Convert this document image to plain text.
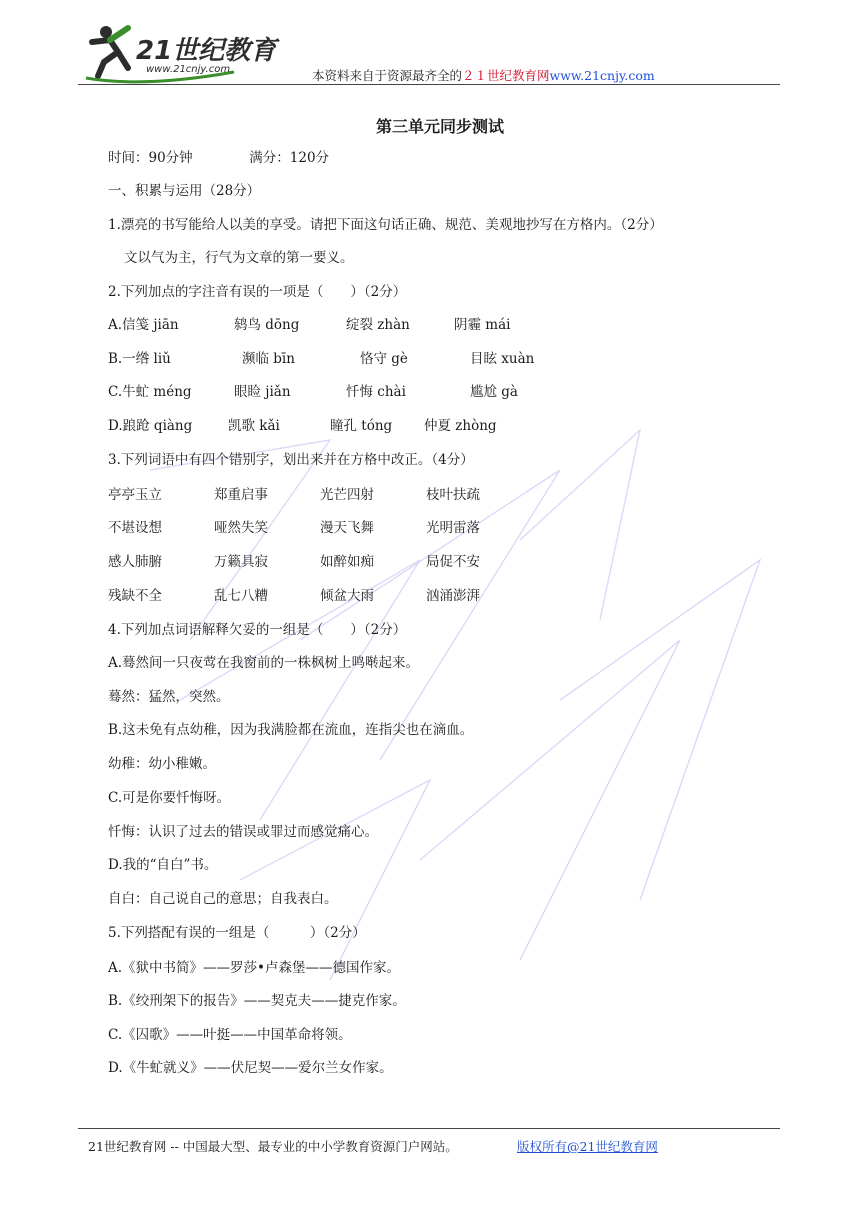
21世纪教育
www.21cnjy.com	本资料来自于资源最齐全的２１世纪教育网www.21cnjy.com
第三单元同步测试
时间：90分钟	满分：120分
一、积累与运用（28分）
1.漂亮的书写能给人以美的享受。请把下面这句话正确、规范、美观地抄写在方格内。（2分）
文以气为主，行气为文章的第一要义。
2.下列加点的字注音有误的一项是（　　）（2分）
A.信笺 jiān	鸫鸟 dōng	绽裂 zhàn	阴霾 mái
B.一绺 liǔ	濒临 bīn	恪守 gè	目眩 xuàn
C.牛虻 méng	眼睑 jiǎn	忏悔 chài	尴尬 gà
D.踉跄 qiàng	凯歌 kǎi	瞳孔 tóng 仲夏 zhòng
3.下列词语中有四个错别字，划出来并在方格中改正。（4分）
亭亭玉立	郑重启事	光芒四射	枝叶扶疏
不堪设想	哑然失笑	漫天飞舞	光明雷落
感人肺腑	万籁具寂	如醉如痴	局促不安
残缺不全	乱七八糟	倾盆大雨	汹涌澎湃
4.下列加点词语解释欠妥的一组是（　　）（2分）
A.蓦然间一只夜莺在我窗前的一株枫树上鸣啭起来。
蓦然：猛然，突然。
B.这未免有点幼稚，因为我满脸都在流血，连指尖也在滴血。
幼稚：幼小稚嫩。
C.可是你要忏悔呀。
忏悔：认识了过去的错误或罪过而感觉痛心。
D.我的“自白”书。
自白：自己说自己的意思；自我表白。
5.下列搭配有误的一组是（　　　）（2分）
A.《狱中书简》——罗莎•卢森堡——德国作家。
B.《绞刑架下的报告》——契克夫——捷克作家。
C.《囚歌》——叶挺——中国革命将领。
D.《牛虻就义》——伏尼契——爱尔兰女作家。
21世纪教育网 -- 中国最大型、最专业的中小学教育资源门户网站。	版权所有@21世纪教育网
